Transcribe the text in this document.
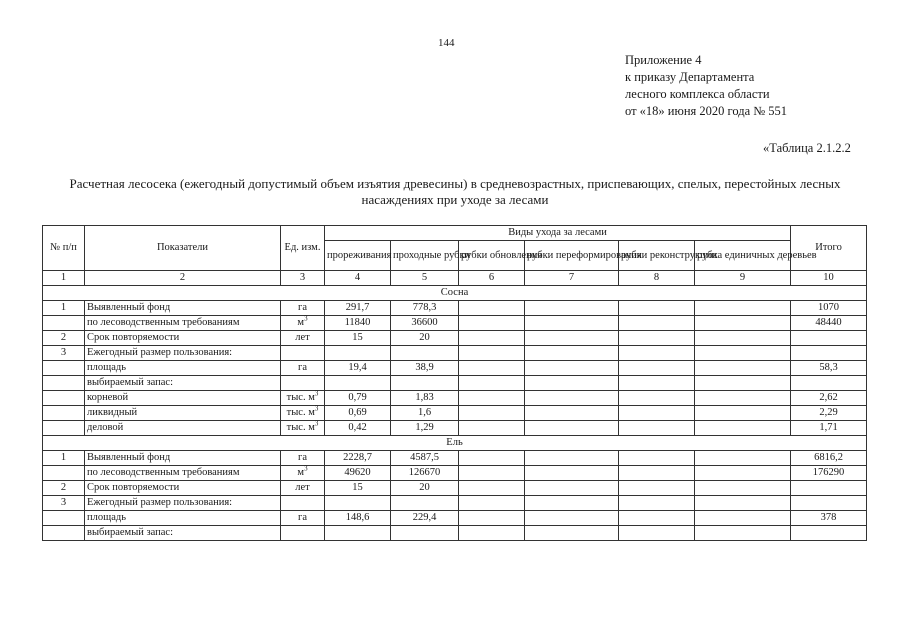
144
Приложение 4
к приказу Департамента
лесного комплекса области
от «18» июня 2020 года № 551
«Таблица 2.1.2.2
Расчетная лесосека (ежегодный допустимый объем изъятия древесины) в средневозрастных, приспевающих, спелых, перестойных лесных насаждениях при уходе за лесами
№ п/п	Показатели	Ед. изм.	Виды ухода за лесами						Итого
			прореживания	проходные рубки	рубки обновления	рубки переформирования	рубки реконструкции	рубка единичных деревьев	
1	2	3	4	5	6	7	8	9	10
Сосна									
1	Выявленный фонд	га	291,7	778,3					1070
	по лесоводственным требованиям	$м^3$	11840	36600					48440
2	Срок повторяемости	лет	15	20					
3	Ежегодный размер пользования:								
	площадь	га	19,4	38,9					58,3
	выбираемый запас:								
	корневой	тыс. $м^3$	0,79	1,83					2,62
	ликвидный	тыс. $м^3$	0,69	1,6					2,29
	деловой	тыс. $м^3$	0,42	1,29					1,71
Ель									
1	Выявленный фонд	га	2228,7	4587,5					6816,2
	по лесоводственным требованиям	$м^3$	49620	126670					176290
2	Срок повторяемости	лет	15	20					
3	Ежегодный размер пользования:								
	площадь	га	148,6	229,4					378
	выбираемый запас:								
